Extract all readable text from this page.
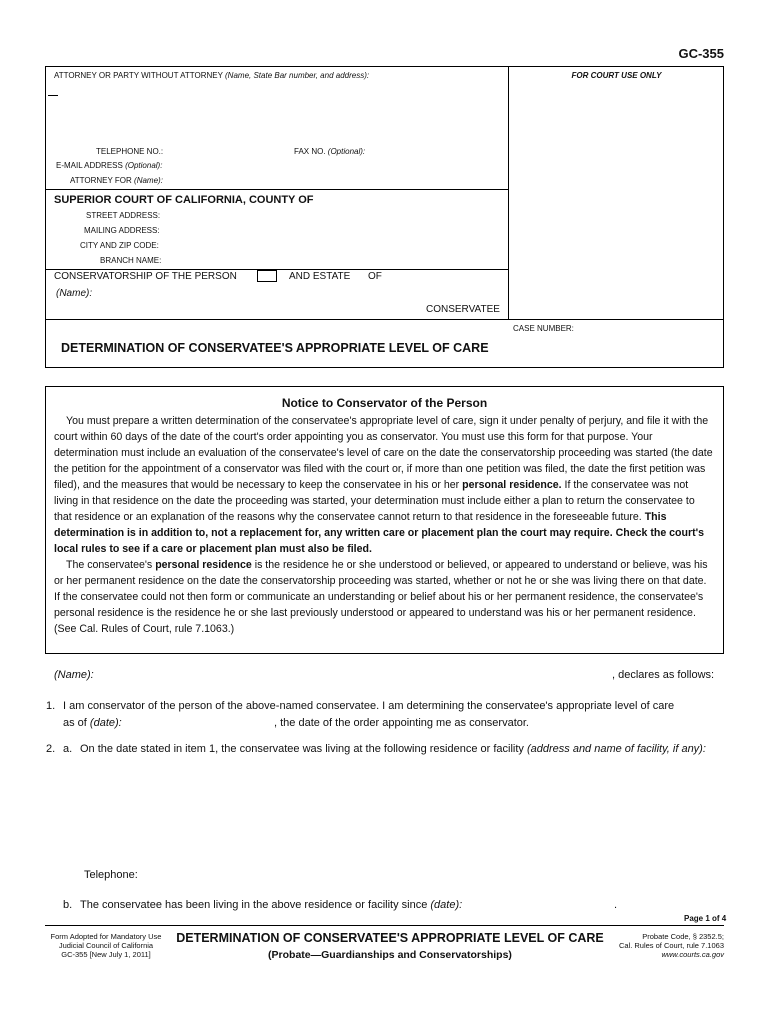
GC-355
ATTORNEY OR PARTY WITHOUT ATTORNEY (Name, State Bar number, and address):
TELEPHONE NO.:	FAX NO. (Optional):
E-MAIL ADDRESS (Optional):
ATTORNEY FOR (Name):
FOR COURT USE ONLY
SUPERIOR COURT OF CALIFORNIA, COUNTY OF
STREET ADDRESS:
MAILING ADDRESS:
CITY AND ZIP CODE:
BRANCH NAME:
CONSERVATORSHIP OF THE PERSON	AND ESTATE OF
(Name):
CONSERVATEE
CASE NUMBER:
DETERMINATION OF CONSERVATEE'S APPROPRIATE LEVEL OF CARE
Notice to Conservator of the Person

You must prepare a written determination of the conservatee's appropriate level of care, sign it under penalty of perjury, and file it with the court within 60 days of the date of the court's order appointing you as conservator. You must use this form for that purpose. Your determination must include an evaluation of the conservatee's level of care on the date the conservatorship proceeding was started (the date the petition for the appointment of a conservator was filed with the court or, if more than one petition was filed, the date the first petition was filed), and the measures that would be necessary to keep the conservatee in his or her personal residence. If the conservatee was not living in that residence on the date the proceeding was started, your determination must include either a plan to return the conservatee to that residence or an explanation of the reasons why the conservatee cannot return to that residence in the foreseeable future. This determination is in addition to, not a replacement for, any written care or placement plan the court may require. Check the court's local rules to see if a care or placement plan must also be filed.

The conservatee's personal residence is the residence he or she understood or believed, or appeared to understand or believe, was his or her permanent residence on the date the conservatorship proceeding was started, whether or not he or she was living there on that date. If the conservatee could not then form or communicate an understanding or belief about his or her permanent residence, the conservatee's personal residence is the residence he or she last previously understood or appeared to understand was his or her permanent residence. (See Cal. Rules of Court, rule 7.1063.)

(Name):	, declares as follows:
1. I am conservator of the person of the above-named conservatee. I am determining the conservatee's appropriate level of care
as of (date):	, the date of the order appointing me as conservator.
2. a. On the date stated in item 1, the conservatee was living at the following residence or facility (address and name of facility, if any):
Telephone:
b. The conservatee has been living in the above residence or facility since (date):	.
Page 1 of 4
Form Adopted for Mandatory Use
Judicial Council of California
GC-355 [New July 1, 2011]
DETERMINATION OF CONSERVATEE'S APPROPRIATE LEVEL OF CARE
(Probate—Guardianships and Conservatorships)
Probate Code, § 2352.5;
Cal. Rules of Court, rule 7.1063
www.courts.ca.gov
